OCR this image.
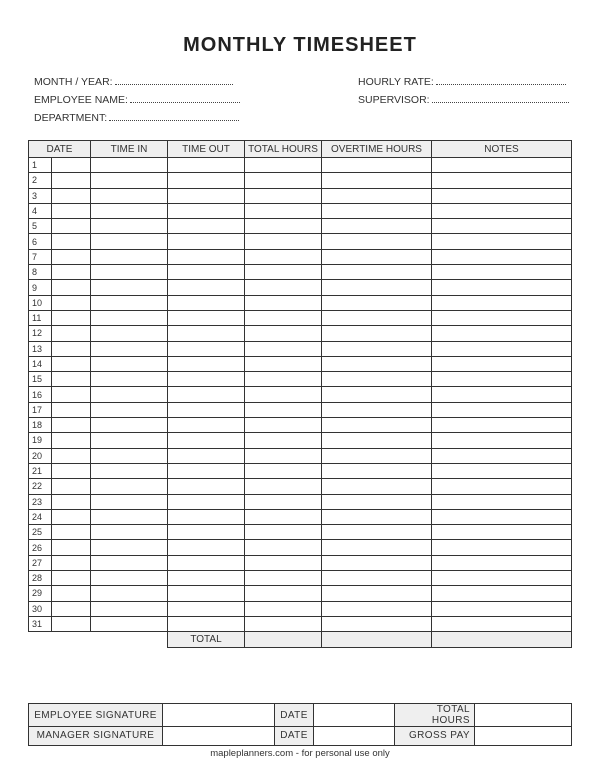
MONTHLY TIMESHEET
MONTH / YEAR:
EMPLOYEE NAME:
DEPARTMENT:
HOURLY RATE:
SUPERVISOR:
DATE		TIME IN	TIME OUT	TOTAL HOURS	OVERTIME HOURS	NOTES
1						
2						
3						
4						
5						
6						
7						
8						
9						
10						
11						
12						
13						
14						
15						
16						
17						
18						
19						
20						
21						
22						
23						
24						
25						
26						
27						
28						
29						
30						
31						
			TOTAL			
EMPLOYEE SIGNATURE		DATE		TOTAL HOURS	
MANAGER SIGNATURE		DATE		GROSS PAY	
mapleplanners.com - for personal use only
